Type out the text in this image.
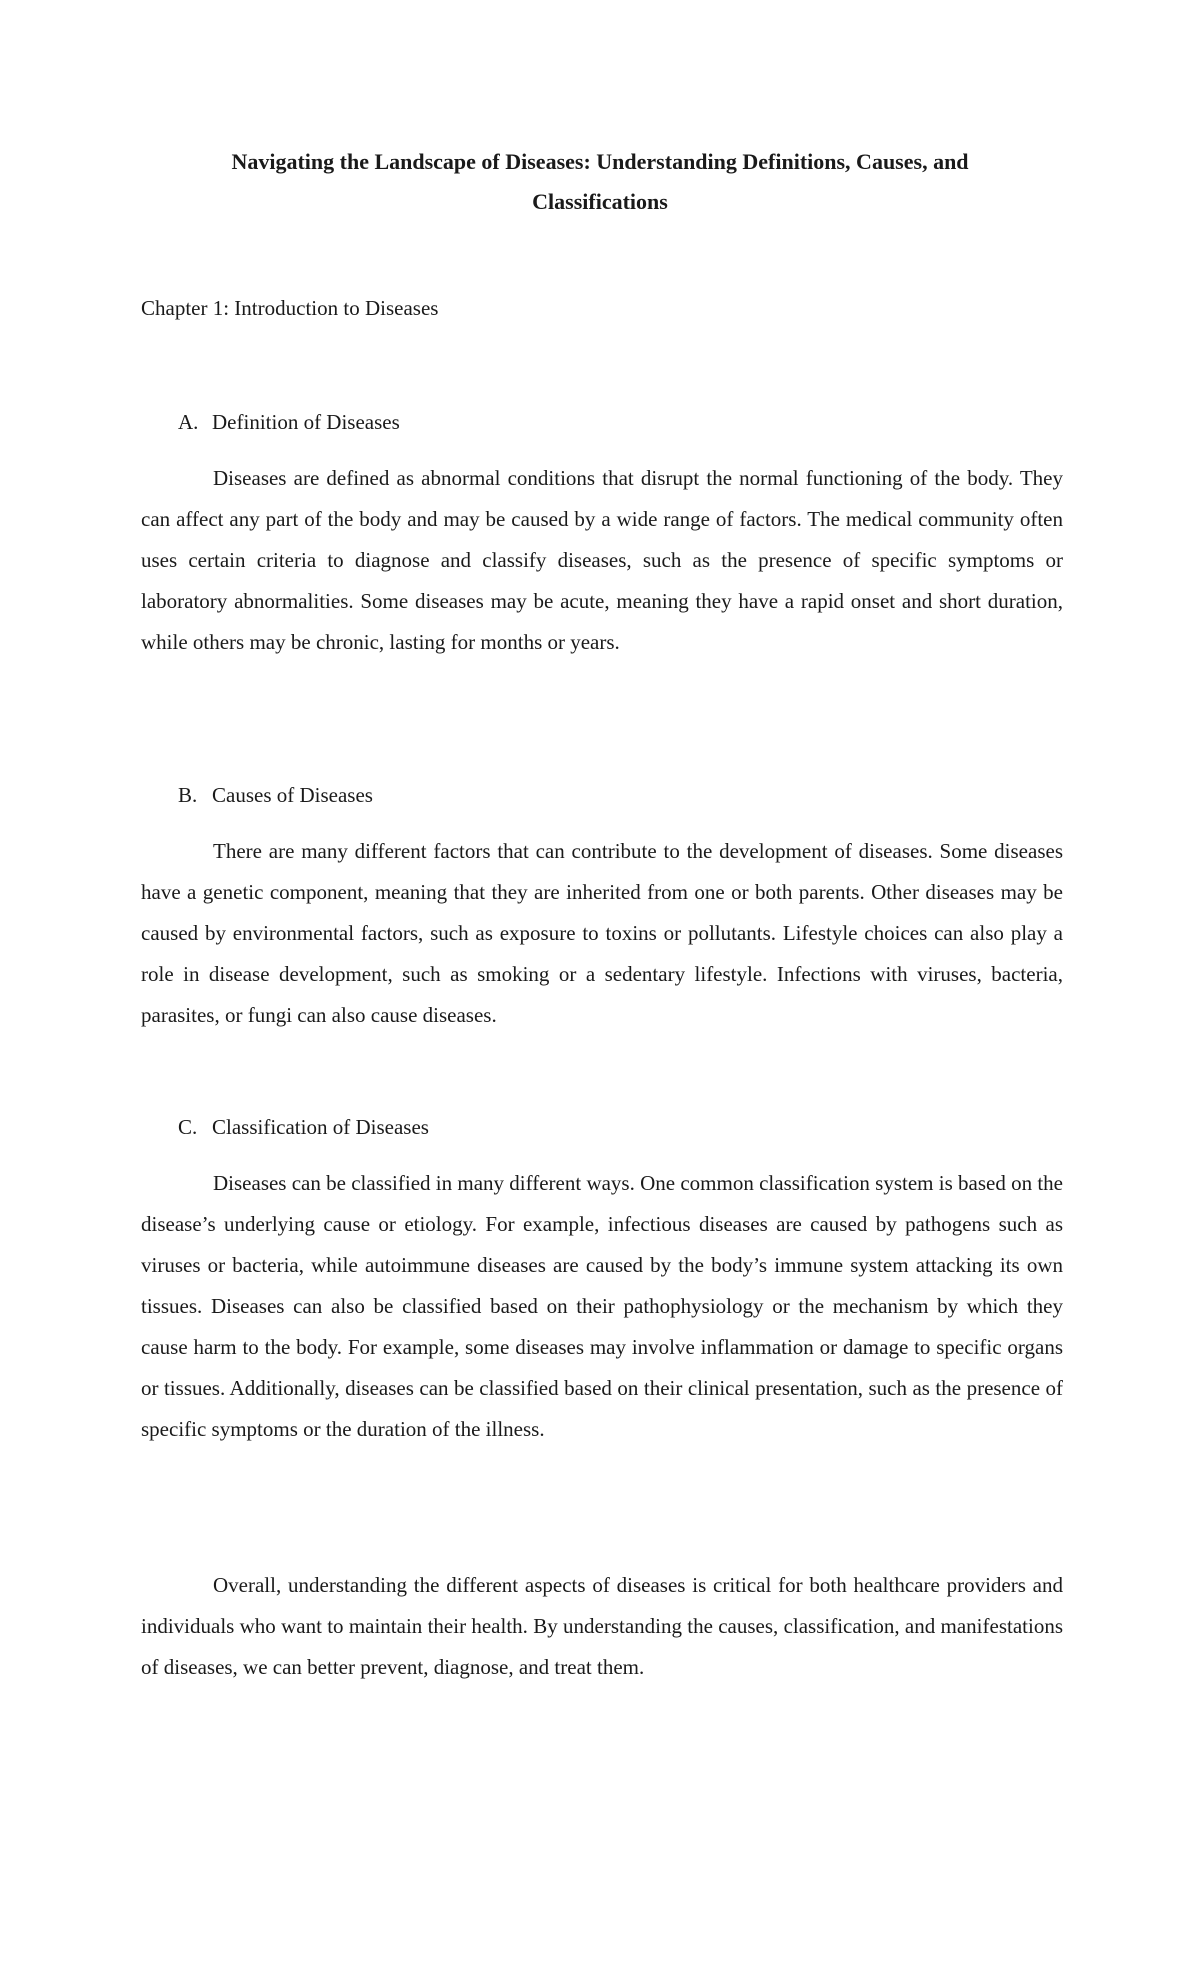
Navigating the Landscape of Diseases: Understanding Definitions, Causes, and Classifications

Chapter 1: Introduction to Diseases

A. Definition of Diseases

Diseases are defined as abnormal conditions that disrupt the normal functioning of the body. They can affect any part of the body and may be caused by a wide range of factors. The medical community often uses certain criteria to diagnose and classify diseases, such as the presence of specific symptoms or laboratory abnormalities. Some diseases may be acute, meaning they have a rapid onset and short duration, while others may be chronic, lasting for months or years.

B. Causes of Diseases

There are many different factors that can contribute to the development of diseases. Some diseases have a genetic component, meaning that they are inherited from one or both parents. Other diseases may be caused by environmental factors, such as exposure to toxins or pollutants. Lifestyle choices can also play a role in disease development, such as smoking or a sedentary lifestyle. Infections with viruses, bacteria, parasites, or fungi can also cause diseases.

C. Classification of Diseases

Diseases can be classified in many different ways. One common classification system is based on the disease’s underlying cause or etiology. For example, infectious diseases are caused by pathogens such as viruses or bacteria, while autoimmune diseases are caused by the body’s immune system attacking its own tissues. Diseases can also be classified based on their pathophysiology or the mechanism by which they cause harm to the body. For example, some diseases may involve inflammation or damage to specific organs or tissues. Additionally, diseases can be classified based on their clinical presentation, such as the presence of specific symptoms or the duration of the illness.

Overall, understanding the different aspects of diseases is critical for both healthcare providers and individuals who want to maintain their health. By understanding the causes, classification, and manifestations of diseases, we can better prevent, diagnose, and treat them.
